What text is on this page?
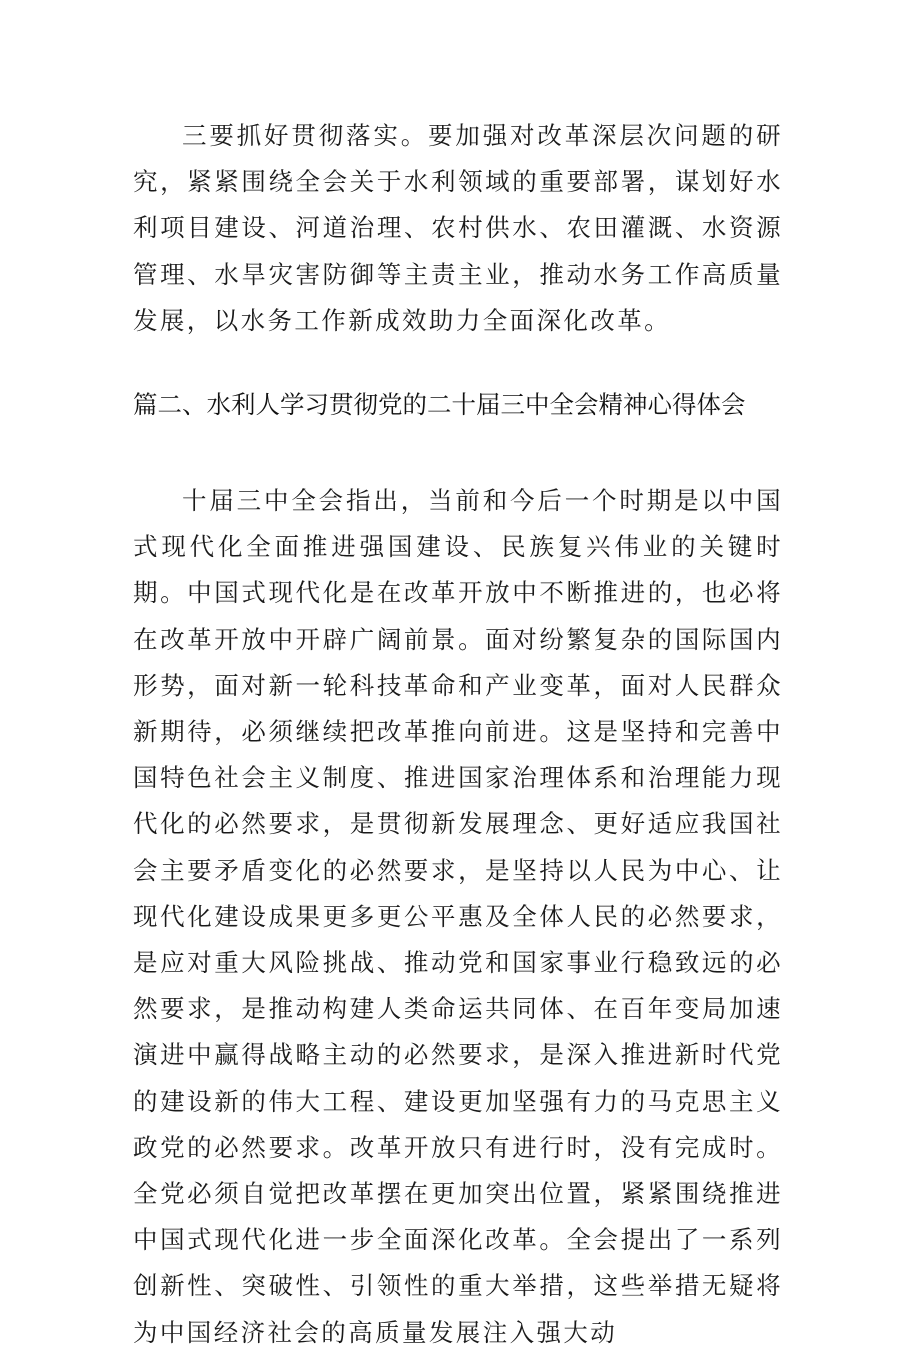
三要抓好贯彻落实。要加强对改革深层次问题的研究，紧紧围绕全会关于水利领域的重要部署，谋划好水利项目建设、河道治理、农村供水、农田灌溉、水资源管理、水旱灾害防御等主责主业，推动水务工作高质量发展，以水务工作新成效助力全面深化改革。

篇二、水利人学习贯彻党的二十届三中全会精神心得体会

十届三中全会指出，当前和今后一个时期是以中国式现代化全面推进强国建设、民族复兴伟业的关键时期。中国式现代化是在改革开放中不断推进的，也必将在改革开放中开辟广阔前景。面对纷繁复杂的国际国内形势，面对新一轮科技革命和产业变革，面对人民群众新期待，必须继续把改革推向前进。这是坚持和完善中国特色社会主义制度、推进国家治理体系和治理能力现代化的必然要求，是贯彻新发展理念、更好适应我国社会主要矛盾变化的必然要求，是坚持以人民为中心、让现代化建设成果更多更公平惠及全体人民的必然要求，是应对重大风险挑战、推动党和国家事业行稳致远的必然要求，是推动构建人类命运共同体、在百年变局加速演进中赢得战略主动的必然要求，是深入推进新时代党的建设新的伟大工程、建设更加坚强有力的马克思主义政党的必然要求。改革开放只有进行时，没有完成时。全党必须自觉把改革摆在更加突出位置，紧紧围绕推进中国式现代化进一步全面深化改革。全会提出了一系列创新性、突破性、引领性的重大举措，这些举措无疑将为中国经济社会的高质量发展注入强大动
